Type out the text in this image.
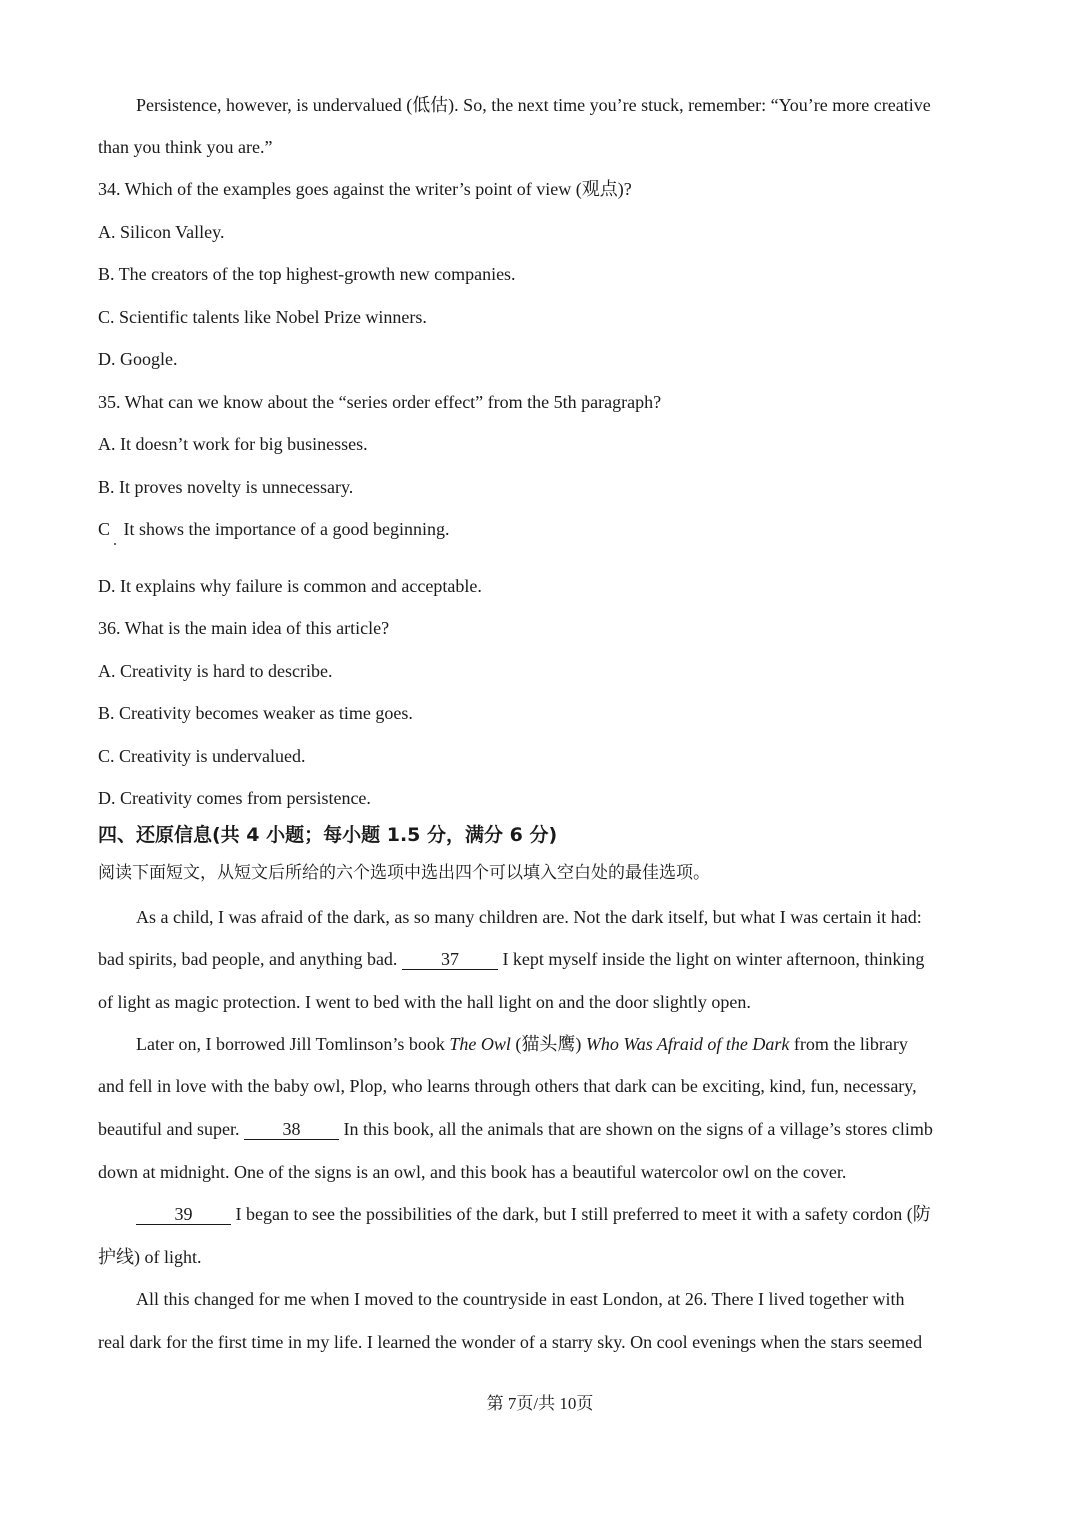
Persistence, however, is undervalued (低估). So, the next time you’re stuck, remember: “You’re more creative
than you think you are.”
34. Which of the examples goes against the writer’s point of view (观点)?
A. Silicon Valley.
B. The creators of the top highest-growth new companies.
C. Scientific talents like Nobel Prize winners.
D. Google.
35. What can we know about the “series order effect” from the 5th paragraph?
A. It doesn’t work for big businesses.
B. It proves novelty is unnecessary.
C   It shows the importance of a good beginning.
D. It explains why failure is common and acceptable.
36. What is the main idea of this article?
A. Creativity is hard to describe.
B. Creativity becomes weaker as time goes.
C. Creativity is undervalued.
D. Creativity comes from persistence.
四、还原信息(共 4 小题；每小题 1.5 分，满分 6 分)
阅读下面短文，从短文后所给的六个选项中选出四个可以填入空白处的最佳选项。
As a child, I was afraid of the dark, as so many children are. Not the dark itself, but what I was certain it had:
bad spirits, bad people, and anything bad. 37 I kept myself inside the light on winter afternoon, thinking
of light as magic protection. I went to bed with the hall light on and the door slightly open.
Later on, I borrowed Jill Tomlinson’s book The Owl (猫头鹰) Who Was Afraid of the Dark from the library
and fell in love with the baby owl, Plop, who learns through others that dark can be exciting, kind, fun, necessary,
beautiful and super. 38 In this book, all the animals that are shown on the signs of a village’s stores climb
down at midnight. One of the signs is an owl, and this book has a beautiful watercolor owl on the cover.
39 I began to see the possibilities of the dark, but I still preferred to meet it with a safety cordon (防
护线) of light.
All this changed for me when I moved to the countryside in east London, at 26. There I lived together with
real dark for the first time in my life. I learned the wonder of a starry sky. On cool evenings when the stars seemed
第 7页/共 10页
